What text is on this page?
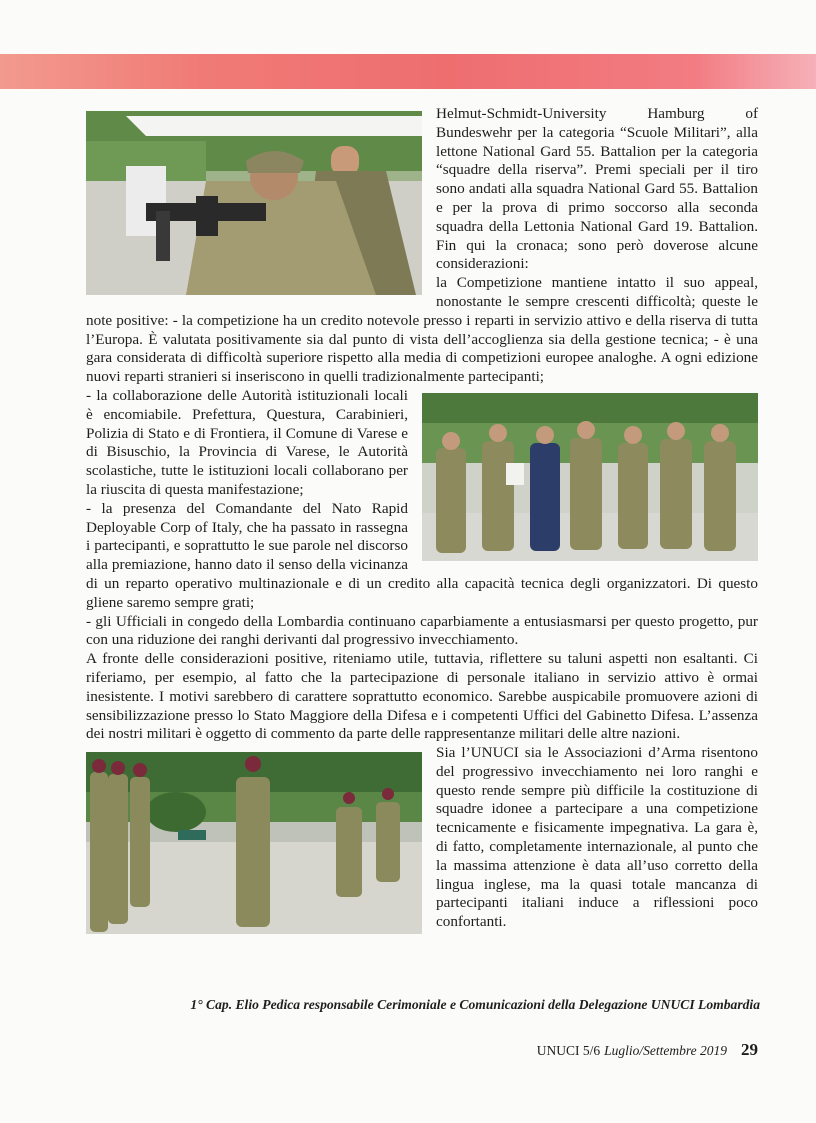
Helmut-Schmidt-University Hamburg of Bundeswehr per la categoria “Scuole Militari”, alla lettone National Gard 55. Battalion per la categoria “squadre della riserva”. Premi speciali per il tiro sono andati alla squadra National Gard 55. Battalion e per la prova di primo soccorso alla seconda squadra della Lettonia National Gard 19. Battalion. Fin qui la cronaca; sono però doverose alcune considerazioni:

la Competizione mantiene intatto il suo appeal, nonostante le sempre crescenti difficoltà; queste le note positive: - la competizione ha un credito notevole presso i reparti in servizio attivo e della riserva di tutta l’Europa. È valutata positivamente sia dal punto di vista dell’accoglienza sia della gestione tecnica; - è una gara considerata di difficoltà superiore rispetto alla media di competizioni europee analoghe. A ogni edizione nuovi reparti stranieri si inseriscono in quelli tradizionalmente partecipanti;

- la collaborazione delle Autorità istituzionali locali è encomiabile. Prefettura, Questura, Carabinieri, Polizia di Stato e di Frontiera, il Comune di Varese e di Bisuschio, la Provincia di Varese, le Autorità scolastiche, tutte le istituzioni locali collaborano per la riuscita di questa manifestazione;

- la presenza del Comandante del Nato Rapid Deployable Corp of Italy, che ha passato in rassegna i partecipanti, e soprattutto le sue parole nel discorso alla premiazione, hanno dato il senso della vicinanza di un reparto operativo multinazionale e di un credito alla capacità tecnica degli organizzatori. Di questo gliene saremo sempre grati;

- gli Ufficiali in congedo della Lombardia continuano caparbiamente a entusiasmarsi per questo progetto, pur con una riduzione dei ranghi derivanti dal progressivo invecchiamento.

A fronte delle considerazioni positive, riteniamo utile, tuttavia, riflettere su taluni aspetti non esaltanti. Ci riferiamo, per esempio, al fatto che la partecipazione di personale italiano in servizio attivo è ormai inesistente. I motivi sarebbero di carattere soprattutto economico. Sarebbe auspicabile promuovere azioni di sensibilizzazione presso lo Stato Maggiore della Difesa e i competenti Uffici del Gabinetto Difesa. L’assenza dei nostri militari è oggetto di commento da parte delle rappresentanze militari delle altre nazioni.

Sia l’UNUCI sia le Associazioni d’Arma risentono del progressivo invecchiamento nei loro ranghi e questo rende sempre più difficile la costituzione di squadre idonee a partecipare a una competizione tecnicamente e fisicamente impegnativa. La gara è, di fatto, completamente internazionale, al punto che la massima attenzione è data all’uso corretto della lingua inglese, ma la quasi totale mancanza di partecipanti italiani induce a riflessioni poco confortanti.

1° Cap. Elio Pedica responsabile Cerimoniale e Comunicazioni della Delegazione UNUCI Lombardia
UNUCI 5/6 Luglio/Settembre 2019 29
